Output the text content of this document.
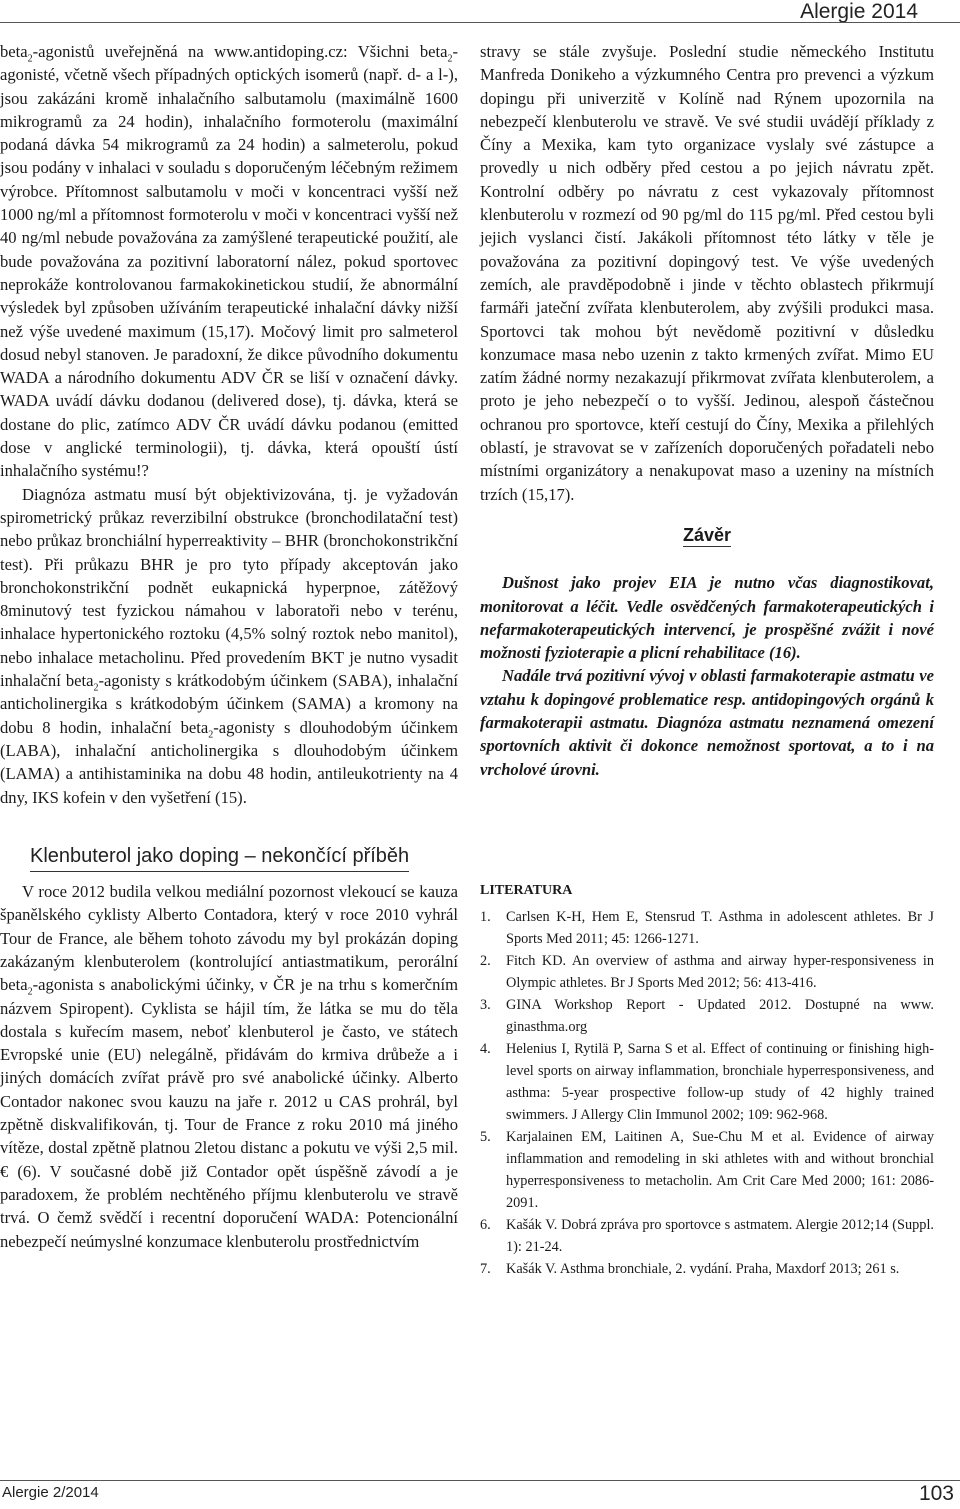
Alergie 2014

beta$_2$-agonistů uveřejněná na www.antidoping.cz: Všichni beta$_2$-agonisté, včetně všech případných optických isomerů (např. d- a l-), jsou zakázáni kromě inhalačního salbutamolu (maximálně 1600 mikrogramů za 24 hodin), inhalačního formoterolu (maximální podaná dávka 54 mikrogramů za 24 hodin) a salmeterolu, pokud jsou podány v inhalaci v souladu s doporučeným léčebným režimem výrobce. Přítomnost salbutamolu v moči v koncentraci vyšší než 1000 ng/ml a přítomnost formoterolu v moči v koncentraci vyšší než 40 ng/ml nebude považována za zamýšlené terapeutické použití, ale bude považována za pozitivní laboratorní nález, pokud sportovec neprokáže kontrolovanou farmakokinetickou studií, že abnormální výsledek byl způsoben užíváním terapeutické inhalační dávky nižší než výše uvedené maximum (15,17). Močový limit pro salmeterol dosud nebyl stanoven. Je paradoxní, že dikce původního dokumentu WADA a národního dokumentu ADV ČR se liší v označení dávky. WADA uvádí dávku dodanou (delivered dose), tj. dávka, která se dostane do plic, zatímco ADV ČR uvádí dávku podanou (emitted dose v anglické terminologii), tj. dávka, která opouští ústí inhalačního systému!?

Diagnóza astmatu musí být objektivizována, tj. je vyžadován spirometrický průkaz reverzibilní obstrukce (bronchodilatační test) nebo průkaz bronchiální hyperreaktivity – BHR (bronchokonstrikční test). Při průkazu BHR je pro tyto případy akceptován jako bronchokonstrikční podnět eukapnická hyperpnoe, zátěžový 8minutový test fyzickou námahou v laboratoři nebo v terénu, inhalace hypertonického roztoku (4,5% solný roztok nebo manitol), nebo inhalace metacholinu. Před provedením BKT je nutno vysadit inhalační beta$_2$-agonisty s krátkodobým účinkem (SABA), inhalační anticholinergika s krátkodobým účinkem (SAMA) a kromony na dobu 8 hodin, inhalační beta$_2$-agonisty s dlouhodobým účinkem (LABA), inhalační anticholinergika s dlouhodobým účinkem (LAMA) a antihistaminika na dobu 48 hodin, antileukotrienty na 4 dny, IKS kofein v den vyšetření (15).

Klenbuterol jako doping – nekončící příběh

V roce 2012 budila velkou mediální pozornost vlekoucí se kauza španělského cyklisty Alberto Contadora, který v roce 2010 vyhrál Tour de France, ale během tohoto závodu my byl prokázán doping zakázaným klenbuterolem (kontrolující antiastmatikum, perorální beta$_2$-agonista s anabolickými účinky, v ČR je na trhu s komerčním názvem Spiropent). Cyklista se hájil tím, že látka se mu do těla dostala s kuřecím masem, neboť klenbuterol je často, ve státech Evropské unie (EU) nelegálně, přidávám do krmiva drůbeže a i jiných domácích zvířat právě pro své anabolické účinky. Alberto Contador nakonec svou kauzu na jaře r. 2012 u CAS prohrál, byl zpětně diskvalifikován, tj. Tour de France z roku 2010 má jiného vítěze, dostal zpětně platnou 2letou distanc a pokutu ve výši 2,5 mil. € (6). V současné době již Contador opět úspěšně závodí a je paradoxem, že problém nechtěného příjmu klenbuterolu ve stravě trvá. O čemž svědčí i recentní doporučení WADA: Potencionální nebezpečí neúmyslné konzumace klenbuterolu prostřednictvím

stravy se stále zvyšuje. Poslední studie německého Institutu Manfreda Donikeho a výzkumného Centra pro prevenci a výzkum dopingu při univerzitě v Kolíně nad Rýnem upozornila na nebezpečí klenbuterolu ve stravě. Ve své studii uvádějí příklady z Číny a Mexika, kam tyto organizace vyslaly své zástupce a provedly u nich odběry před cestou a po jejich návratu zpět. Kontrolní odběry po návratu z cest vykazovaly přítomnost klenbuterolu v rozmezí od 90 pg/ml do 115 pg/ml. Před cestou byli jejich vyslanci čistí. Jakákoli přítomnost této látky v těle je považována za pozitivní dopingový test. Ve výše uvedených zemích, ale pravděpodobně i jinde v těchto oblastech přikrmují farmáři jateční zvířata klenbuterolem, aby zvýšili produkci masa. Sportovci tak mohou být nevědomě pozitivní v důsledku konzumace masa nebo uzenin z takto krmených zvířat. Mimo EU zatím žádné normy nezakazují přikrmovat zvířata klenbuterolem, a proto je jeho nebezpečí o to vyšší. Jedinou, alespoň částečnou ochranou pro sportovce, kteří cestují do Číny, Mexika a přilehlých oblastí, je stravovat se v zařízeních doporučených pořadateli nebo místními organizátory a nenakupovat maso a uzeniny na místních trzích (15,17).

Závěr

Dušnost jako projev EIA je nutno včas diagnostikovat, monitorovat a léčit. Vedle osvědčených farmakoterapeutických i nefarmakoterapeutických intervencí, je prospěšné zvážit i nové možnosti fyzioterapie a plicní rehabilitace (16).

Nadále trvá pozitivní vývoj v oblasti farmakoterapie astmatu ve vztahu k dopingové problematice resp. antidopingových orgánů k farmakoterapii astmatu. Diagnóza astmatu neznamená omezení sportovních aktivit či dokonce nemožnost sportovat, a to i na vrcholové úrovni.

LITERATURA
1.	Carlsen K-H, Hem E, Stensrud T. Asthma in adolescent athletes. Br J Sports Med 2011; 45: 1266-1271.
2.	Fitch KD. An overview of asthma and airway hyper-responsiveness in Olympic athletes. Br J Sports Med 2012; 56: 413-416.
3.	GINA Workshop Report - Updated 2012. Dostupné na www. ginasthma.org
4.	Helenius I, Rytilä P, Sarna S et al. Effect of continuing or finishing high-level sports on airway inflammation, bronchiale hyperresponsiveness, and asthma: 5-year prospective follow-up study of 42 highly trained swimmers. J Allergy Clin Immunol 2002; 109: 962-968.
5.	Karjalainen EM, Laitinen A, Sue-Chu M et al. Evidence of airway inflammation and remodeling in ski athletes with and without bronchial hyperresponsiveness to metacholin. Am Crit Care Med 2000; 161: 2086-2091.
6.	Kašák V. Dobrá zpráva pro sportovce s astmatem. Alergie 2012;14 (Suppl. 1): 21-24.
7.	Kašák V. Asthma bronchiale, 2. vydání. Praha, Maxdorf 2013; 261 s.
Alergie 2/2014	103
